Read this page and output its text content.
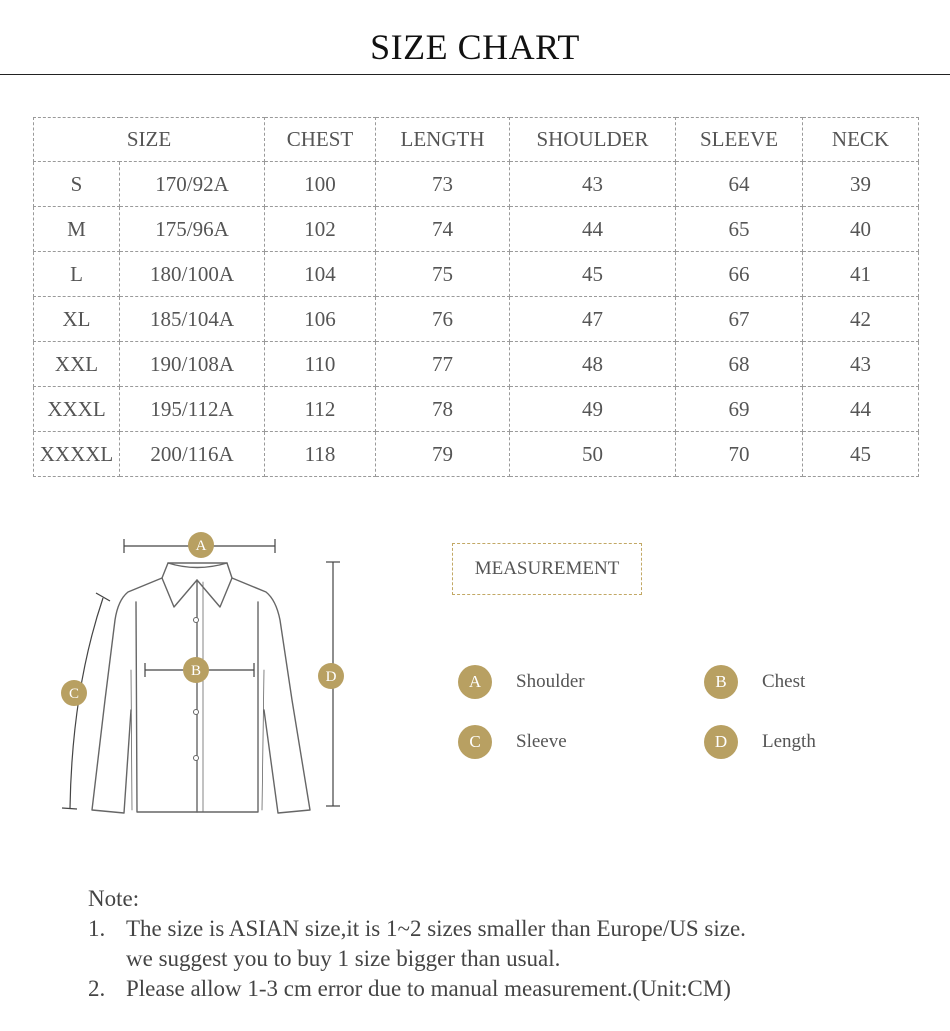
SIZE CHART
SIZE		CHEST	LENGTH	SHOULDER	SLEEVE	NECK
S	170/92A	100	73	43	64	39
M	175/96A	102	74	44	65	40
L	180/100A	104	75	45	66	41
XL	185/104A	106	76	47	67	42
XXL	190/108A	110	77	48	68	43
XXXL	195/112A	112	78	49	69	44
XXXXL	200/116A	118	79	50	70	45
A
B
C
D
MEASUREMENT
A	Shoulder	B	Chest
C	Sleeve	D	Length
Note:
1. The size is ASIAN size,it is 1~2 sizes smaller than Europe/US size.
we suggest you to buy 1 size bigger than usual.
2. Please allow 1-3 cm error due to manual measurement.(Unit:CM)
